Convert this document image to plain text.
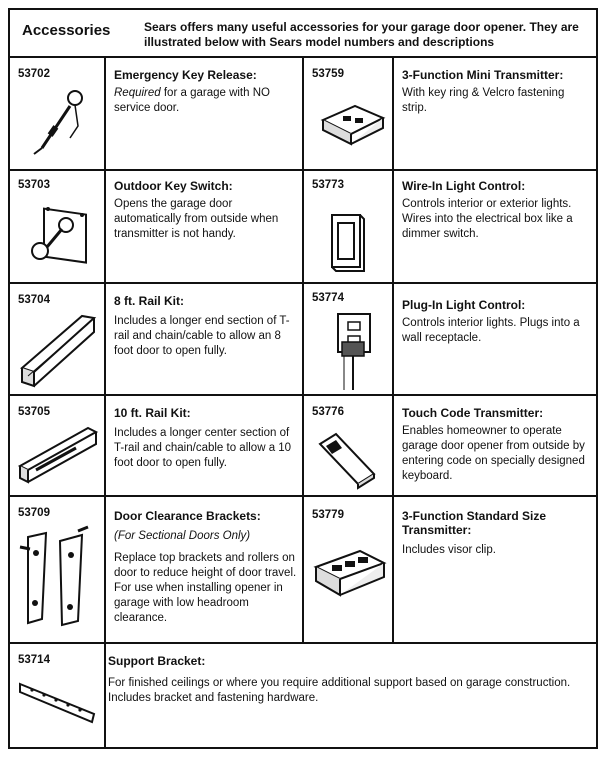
Accessories	Sears offers many useful accessories for your garage door opener. They are illustrated below with Sears model numbers and descriptions
53702	Emergency Key Release:
Required for a garage with NO service door.
53759	3-Function Mini Transmitter:
With key ring & Velcro fastening strip.
53703	Outdoor Key Switch:
Opens the garage door automatically from outside when transmitter is not handy.
53773	Wire-In Light Control:
Controls interior or exterior lights. Wires into the electrical box like a dimmer switch.
53704	8 ft. Rail Kit:
Includes a longer end section of T-rail and chain/cable to allow an 8 foot door to open fully.
53774	Plug-In Light Control:
Controls interior lights. Plugs into a wall receptacle.
53705	10 ft. Rail Kit:
Includes a longer center section of T-rail and chain/cable to allow a 10 foot door to open fully.
53776	Touch Code Transmitter:
Enables homeowner to operate garage door opener from outside by entering code on specially designed keyboard.
53709	Door Clearance Brackets:
(For Sectional Doors Only)
Replace top brackets and rollers on door to reduce height of door travel. For use when installing opener in garage with low headroom clearance.
53779	3-Function Standard Size Transmitter:
Includes visor clip.
53714	Support Bracket:
For finished ceilings or where you require additional support based on garage construction. Includes bracket and fastening hardware.
